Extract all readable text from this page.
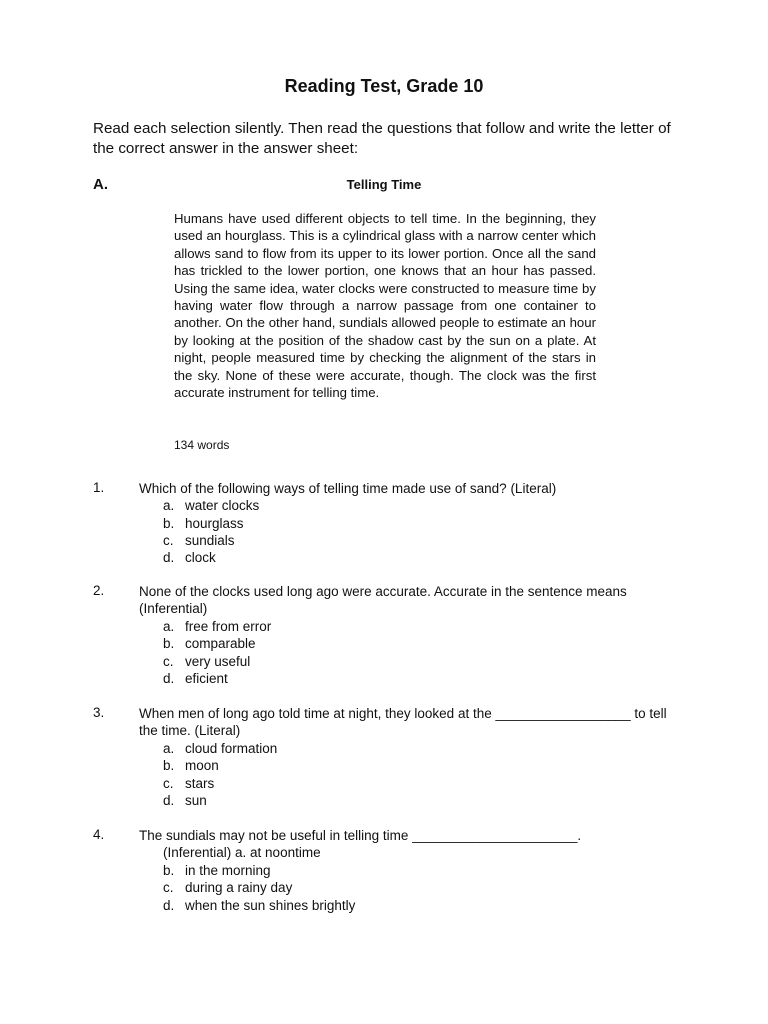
Reading Test, Grade 10
Read each selection silently. Then read the questions that follow and write the letter of the correct answer in the answer sheet:
A.	Telling Time
Humans have used different objects to tell time. In the beginning, they used an hourglass. This is a cylindrical glass with a narrow center which allows sand to flow from its upper to its lower portion. Once all the sand has trickled to the lower portion, one knows that an hour has passed. Using the same idea, water clocks were constructed to measure time by having water flow through a narrow passage from one container to another. On the other hand, sundials allowed people to estimate an hour by looking at the position of the shadow cast by the sun on a plate. At night, people measured time by checking the alignment of the stars in the sky. None of these were accurate, though. The clock was the first accurate instrument for telling time.
134 words
1.	Which of the following ways of telling time made use of sand? (Literal)
a. water clocks
b. hourglass
c. sundials
d. clock
2.	None of the clocks used long ago were accurate. Accurate in the sentence means (Inferential)
a. free from error
b. comparable
c. very useful
d. eficient
3.	When men of long ago told time at night, they looked at the __________________ to tell the time. (Literal)
a. cloud formation
b. moon
c. stars
d. sun
4.	The sundials may not be useful in telling time ______________________.
(Inferential) a. at noontime
b. in the morning
c. during a rainy day
d. when the sun shines brightly
